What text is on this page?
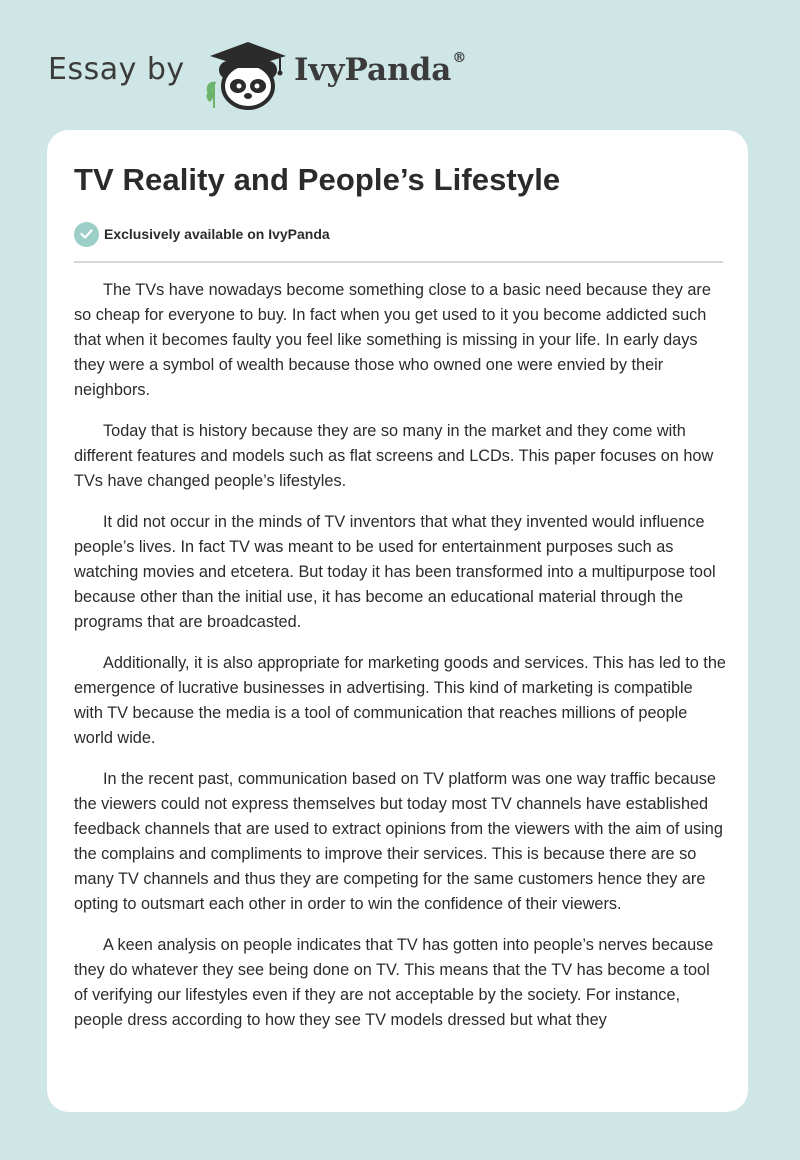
Essay by	IvyPanda®
TV Reality and People’s Lifestyle
Exclusively available on IvyPanda

The TVs have nowadays become something close to a basic need because they are so cheap for everyone to buy. In fact when you get used to it you become addicted such that when it becomes faulty you feel like something is missing in your life. In early days they were a symbol of wealth because those who owned one were envied by their neighbors.

Today that is history because they are so many in the market and they come with different features and models such as flat screens and LCDs. This paper focuses on how TVs have changed people’s lifestyles.

It did not occur in the minds of TV inventors that what they invented would influence people’s lives. In fact TV was meant to be used for entertainment purposes such as watching movies and etcetera. But today it has been transformed into a multipurpose tool because other than the initial use, it has become an educational material through the programs that are broadcasted.

Additionally, it is also appropriate for marketing goods and services. This has led to the emergence of lucrative businesses in advertising. This kind of marketing is compatible with TV because the media is a tool of communication that reaches millions of people world wide.

In the recent past, communication based on TV platform was one way traffic because the viewers could not express themselves but today most TV channels have established feedback channels that are used to extract opinions from the viewers with the aim of using the complains and compliments to improve their services. This is because there are so many TV channels and thus they are competing for the same customers hence they are opting to outsmart each other in order to win the confidence of their viewers.

A keen analysis on people indicates that TV has gotten into people’s nerves because they do whatever they see being done on TV. This means that the TV has become a tool of verifying our lifestyles even if they are not acceptable by the society. For instance, people dress according to how they see TV models dressed but what they
